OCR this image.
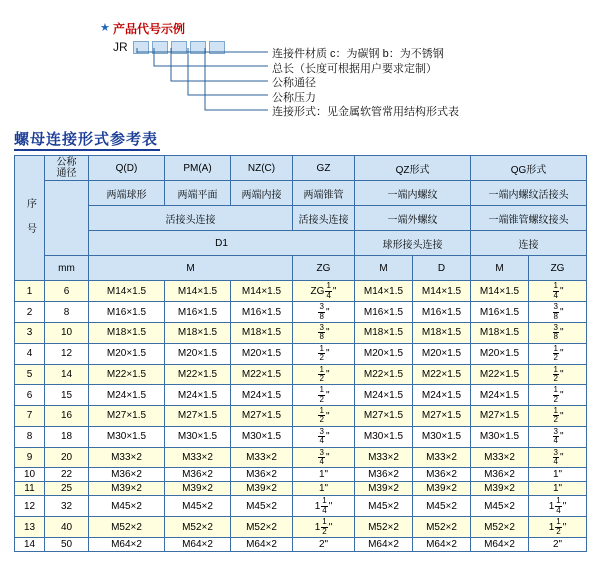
★ 产品代号示例
JR	连接件材质 c：为碳钢 b：为不锈钢
总长（长度可根据用户要求定制）
公称通径
公称压力
连接形式：见金属软管常用结构形式表
螺母连接形式参考表
序 号	公称
通径	Q(D)	PM(A)	NZ(C)	GZ	QZ形式		QG形式	
		两端球形	两端平面	两端内接	两端锥管	一端内螺纹		一端内螺纹活接头	
		活接头连接			活接头连接	一端外螺纹		一端锥管螺纹接头	
		D1				球形接头连接		连接	
	mm	M			ZG	M	D	M	ZG
1	6	M14×1.5	M14×1.5	M14×1.5	ZG $\frac{1}{4}$ "	M14×1.5	M14×1.5	M14×1.5	$\frac{1}{4}$ "
2	8	M16×1.5	M16×1.5	M16×1.5	$\frac{3}{8}$ "	M16×1.5	M16×1.5	M16×1.5	$\frac{3}{8}$ "
3	10	M18×1.5	M18×1.5	M18×1.5	$\frac{3}{8}$ "	M18×1.5	M18×1.5	M18×1.5	$\frac{3}{8}$ "
4	12	M20×1.5	M20×1.5	M20×1.5	$\frac{1}{2}$ "	M20×1.5	M20×1.5	M20×1.5	$\frac{1}{2}$ "
5	14	M22×1.5	M22×1.5	M22×1.5	$\frac{1}{2}$ "	M22×1.5	M22×1.5	M22×1.5	$\frac{1}{2}$ "
6	15	M24×1.5	M24×1.5	M24×1.5	$\frac{1}{2}$ "	M24×1.5	M24×1.5	M24×1.5	$\frac{1}{2}$ "
7	16	M27×1.5	M27×1.5	M27×1.5	$\frac{1}{2}$ "	M27×1.5	M27×1.5	M27×1.5	$\frac{1}{2}$ "
8	18	M30×1.5	M30×1.5	M30×1.5	$\frac{3}{4}$ "	M30×1.5	M30×1.5	M30×1.5	$\frac{3}{4}$ "
9	20	M33×2	M33×2	M33×2	$\frac{3}{4}$ "	M33×2	M33×2	M33×2	$\frac{3}{4}$ "
10	22	M36×2	M36×2	M36×2	1"	M36×2	M36×2	M36×2	1"
11	25	M39×2	M39×2	M39×2	1"	M39×2	M39×2	M39×2	1"
12	32	M45×2	M45×2	M45×2	$1 \frac{1}{4}$ "	M45×2	M45×2	M45×2	$1 \frac{1}{4}$ "
13	40	M52×2	M52×2	M52×2	$1 \frac{1}{2}$ "	M52×2	M52×2	M52×2	$1 \frac{1}{2}$ "
14	50	M64×2	M64×2	M64×2	2"	M64×2	M64×2	M64×2	2"
